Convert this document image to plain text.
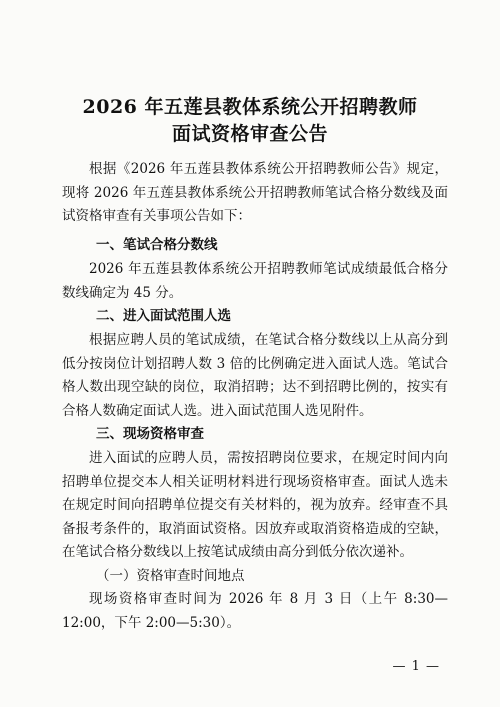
2026 年五莲县教体系统公开招聘教师
面试资格审查公告

根据《2026 年五莲县教体系统公开招聘教师公告》规定，现将 2026 年五莲县教体系统公开招聘教师笔试合格分数线及面试资格审查有关事项公告如下：

一、笔试合格分数线

2026 年五莲县教体系统公开招聘教师笔试成绩最低合格分数线确定为 45 分。

二、进入面试范围人选

根据应聘人员的笔试成绩，在笔试合格分数线以上从高分到低分按岗位计划招聘人数 3 倍的比例确定进入面试人选。笔试合格人数出现空缺的岗位，取消招聘；达不到招聘比例的，按实有合格人数确定面试人选。进入面试范围人选见附件。

三、现场资格审查

进入面试的应聘人员，需按招聘岗位要求，在规定时间内向招聘单位提交本人相关证明材料进行现场资格审查。面试人选未在规定时间向招聘单位提交有关材料的，视为放弃。经审查不具备报考条件的，取消面试资格。因放弃或取消资格造成的空缺，在笔试合格分数线以上按笔试成绩由高分到低分依次递补。

（一）资格审查时间地点

现场资格审查时间为 2026 年 8 月 3 日（上午 8:30—12:00，下午 2:00—5:30）。

— 1 —
